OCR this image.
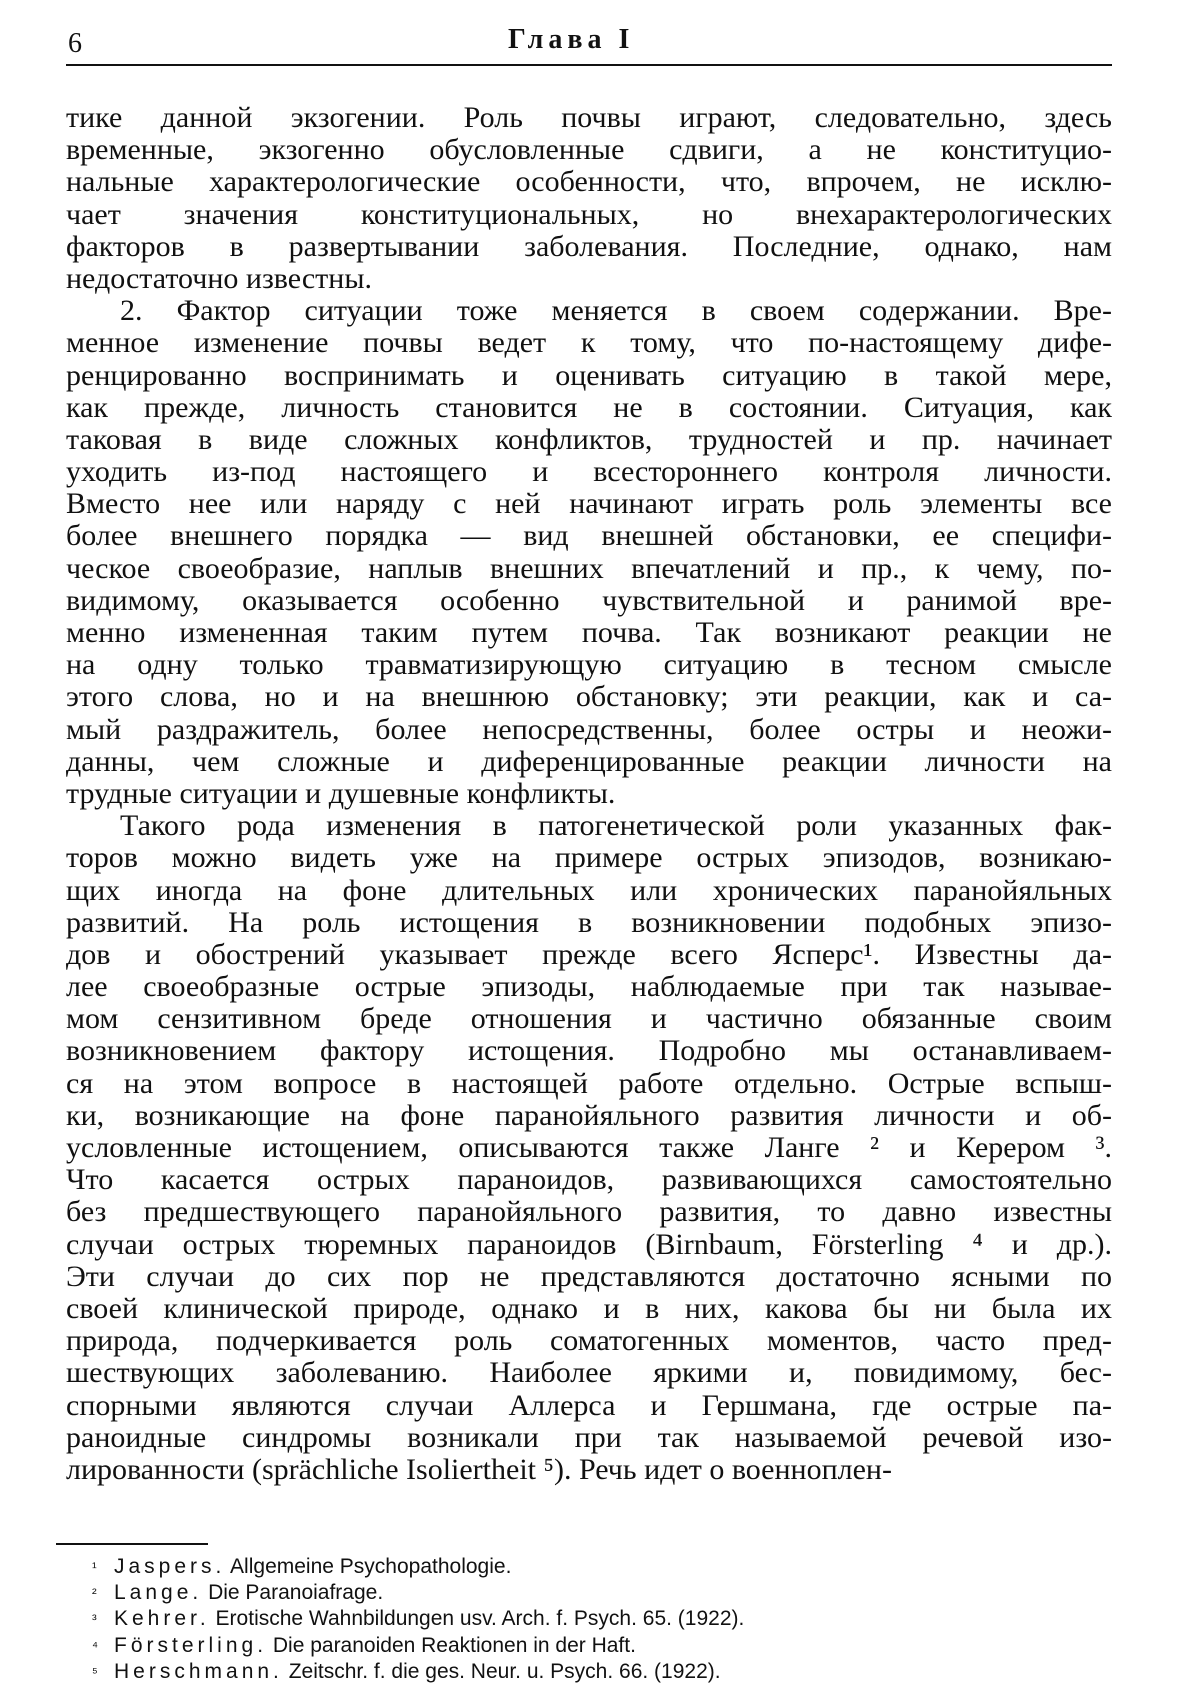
6	Глава I
тике данной экзогении. Роль почвы играют, следовательно, здесь
временные, экзогенно обусловленные сдвиги, а не конституцио-
нальные характерологические особенности, что, впрочем, не исклю-
чает значения конституциональных, но внехарактерологических
факторов в развертывании заболевания. Последние, однако, нам
недостаточно известны.
2. Фактор ситуации тоже меняется в своем содержании. Вре-
менное изменение почвы ведет к тому, что по-настоящему дифе-
ренцированно воспринимать и оценивать ситуацию в такой мере,
как прежде, личность становится не в состоянии. Ситуация, как
таковая в виде сложных конфликтов, трудностей и пр. начинает
уходить из-под настоящего и всестороннего контроля личности.
Вместо нее или наряду с ней начинают играть роль элементы все
более внешнего порядка — вид внешней обстановки, ее специфи-
ческое своеобразие, наплыв внешних впечатлений и пр., к чему, по-
видимому, оказывается особенно чувствительной и ранимой вре-
менно измененная таким путем почва. Так возникают реакции не
на одну только травматизирующую ситуацию в тесном смысле
этого слова, но и на внешнюю обстановку; эти реакции, как и са-
мый раздражитель, более непосредственны, более остры и неожи-
данны, чем сложные и диференцированные реакции личности на
трудные ситуации и душевные конфликты.
Такого рода изменения в патогенетической роли указанных фак-
торов можно видеть уже на примере острых эпизодов, возникаю-
щих иногда на фоне длительных или хронических паранойяльных
развитий. На роль истощения в возникновении подобных эпизо-
дов и обострений указывает прежде всего Ясперс¹. Известны да-
лее своеобразные острые эпизоды, наблюдаемые при так называе-
мом сензитивном бреде отношения и частично обязанные своим
возникновением фактору истощения. Подробно мы останавливаем-
ся на этом вопросе в настоящей работе отдельно. Острые вспыш-
ки, возникающие на фоне паранойяльного развития личности и об-
условленные истощением, описываются также Ланге ² и Керером ³.
Что касается острых параноидов, развивающихся самостоятельно
без предшествующего паранойяльного развития, то давно известны
случаи острых тюремных параноидов (Birnbaum, Försterling ⁴ и др.).
Эти случаи до сих пор не представляются достаточно ясными по
своей клинической природе, однако и в них, какова бы ни была их
природа, подчеркивается роль соматогенных моментов, часто пред-
шествующих заболеванию. Наиболее яркими и, повидимому, бес-
спорными являются случаи Аллерса и Гершмана, где острые па-
раноидные синдромы возникали при так называемой речевой изо-
лированности (sprächliche Isoliertheit ⁵). Речь идет о военноплен-
¹ Jaspers. Allgemeine Psychopathologie.
² Lange. Die Paranoiafrage.
³ Kehrer. Erotische Wahnbildungen usv. Arch. f. Psych. 65. (1922).
⁴ Försterling. Die paranoiden Reaktionen in der Haft.
⁵ Herschmann. Zeitschr. f. die ges. Neur. u. Psych. 66. (1922).
